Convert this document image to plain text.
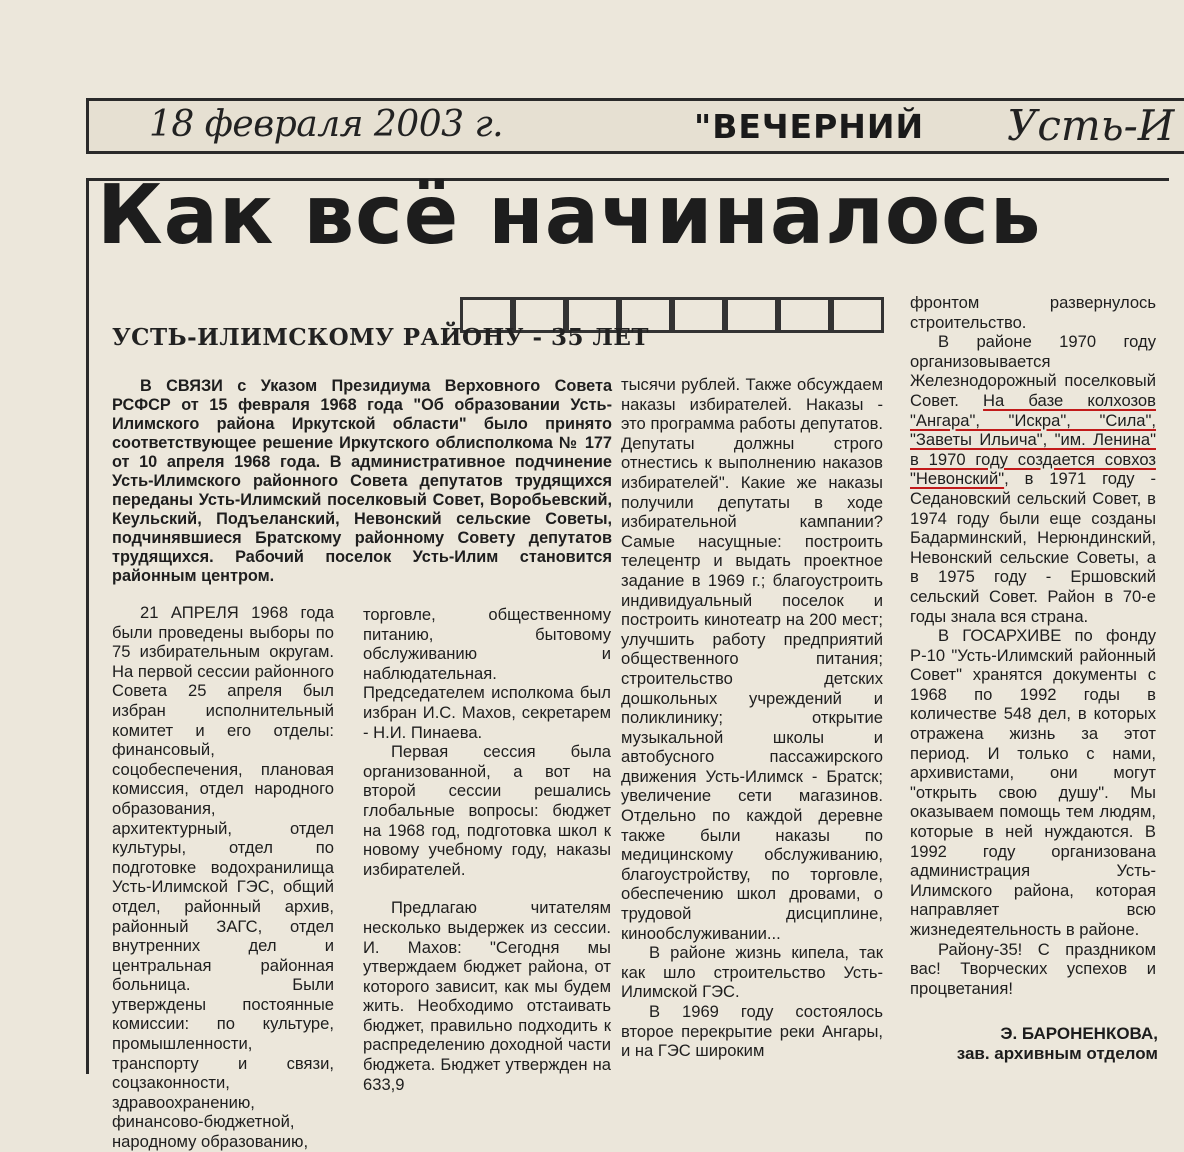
18 февраля 2003 г.	"ВЕЧЕРНИЙ Усть-И
Как всё начиналось
УСТЬ-ИЛИМСКОМУ РАЙОНУ - 35 ЛЕТ
В СВЯЗИ с Указом Президиума Верховного Совета РСФСР от 15 февраля 1968 года "Об образовании Усть-Илимского района Иркутской области" было принято соответствующее решение Иркутского облисполкома № 177 от 10 апреля 1968 года. В административное подчинение Усть-Илимского районного Совета депутатов трудящихся переданы Усть-Илимский поселковый Совет, Воробьевский, Кеульский, Подъеланский, Невонский сельские Советы, подчинявшиеся Братскому районному Совету депутатов трудящихся. Рабочий поселок Усть-Илим становится районным центром.

21 АПРЕЛЯ 1968 года были проведены выборы по 75 избирательным округам. На первой сессии районного Совета 25 апреля был избран исполнительный комитет и его отделы: финансовый, соцобеспечения, плановая комиссия, отдел народного образования, архитектурный, отдел культуры, отдел по подготовке водохранилища Усть-Илимской ГЭС, общий отдел, районный архив, районный ЗАГС, отдел внутренних дел и центральная районная больница. Были утверждены постоянные комиссии: по культуре, промышленности, транспорту и связи, соцзаконности, здравоохранению, финансово-бюджетной, народному образованию,

торговле, общественному питанию, бытовому обслуживанию и наблюдательная. Председателем исполкома был избран И.С. Махов, секретарем - Н.И. Пинаева.

Первая сессия была организованной, а вот на второй сессии решались глобальные вопросы: бюджет на 1968 год, подготовка школ к новому учебному году, наказы избирателей.

Предлагаю читателям несколько выдержек из сессии. И. Махов: "Сегодня мы утверждаем бюджет района, от которого зависит, как мы будем жить. Необходимо отстаивать бюджет, правильно подходить к распределению доходной части бюджета. Бюджет утвержден на 633,9

тысячи рублей. Также обсуждаем наказы избирателей. Наказы - это программа работы депутатов. Депутаты должны строго отнестись к выполнению наказов избирателей". Какие же наказы получили депутаты в ходе избирательной кампании? Самые насущные: построить телецентр и выдать проектное задание в 1969 г.; благоустроить индивидуальный поселок и построить кинотеатр на 200 мест; улучшить работу предприятий общественного питания; строительство детских дошкольных учреждений и поликлинику; открытие музыкальной школы и автобусного пассажирского движения Усть-Илимск - Братск; увеличение сети магазинов. Отдельно по каждой деревне также были наказы по медицинскому обслуживанию, благоустройству, по торговле, обеспечению школ дровами, о трудовой дисциплине, кинообслуживании...

В районе жизнь кипела, так как шло строительство Усть-Илимской ГЭС.

В 1969 году состоялось второе перекрытие реки Ангары, и на ГЭС широким

фронтом развернулось строительство.

В районе 1970 году организовывается Железнодорожный поселковый Совет. На базе колхозов "Ангара", "Искра", "Сила", "Заветы Ильича", "им. Ленина" в 1970 году создается совхоз "Невонский", в 1971 году - Седановский сельский Совет, в 1974 году были еще созданы Бадарминский, Нерюндинский, Невонский сельские Советы, а в 1975 году - Ершовский сельский Совет. Район в 70-е годы знала вся страна.

В ГОСАРХИВЕ по фонду Р-10 "Усть-Илимский районный Совет" хранятся документы с 1968 по 1992 годы в количестве 548 дел, в которых отражена жизнь за этот период. И только с нами, архивистами, они могут "открыть свою душу". Мы оказываем помощь тем людям, которые в ней нуждаются. В 1992 году организована администрация Усть-Илимского района, которая направляет всю жизнедеятельность в районе.

Району-35! С праздником вас! Творческих успехов и процветания!

Э. БАРОНЕНКОВА,
зав. архивным отделом
